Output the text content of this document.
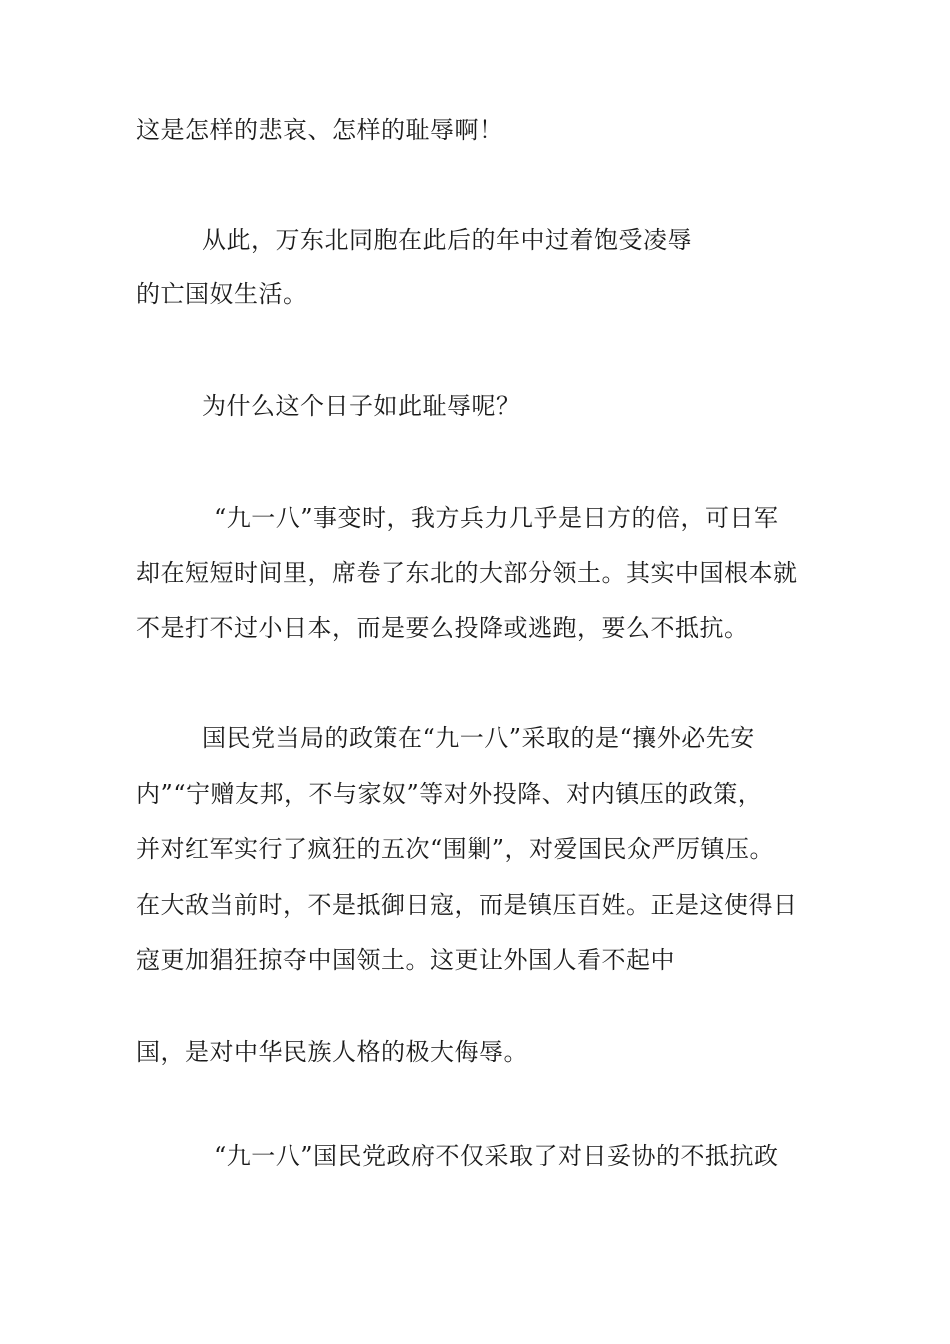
这是怎样的悲哀、怎样的耻辱啊！
从此，万东北同胞在此后的年中过着饱受凌辱
的亡国奴生活。
为什么这个日子如此耻辱呢？
“九一八”事变时，我方兵力几乎是日方的倍，可日军
却在短短时间里，席卷了东北的大部分领土。其实中国根本就
不是打不过小日本，而是要么投降或逃跑，要么不抵抗。
国民党当局的政策在“九一八”采取的是“攘外必先安
内”“宁赠友邦，不与家奴”等对外投降、对内镇压的政策，
并对红军实行了疯狂的五次“围剿”，对爱国民众严厉镇压。
在大敌当前时，不是抵御日寇，而是镇压百姓。正是这使得日
寇更加猖狂掠夺中国领土。这更让外国人看不起中
国，是对中华民族人格的极大侮辱。
“九一八”国民党政府不仅采取了对日妥协的不抵抗政
